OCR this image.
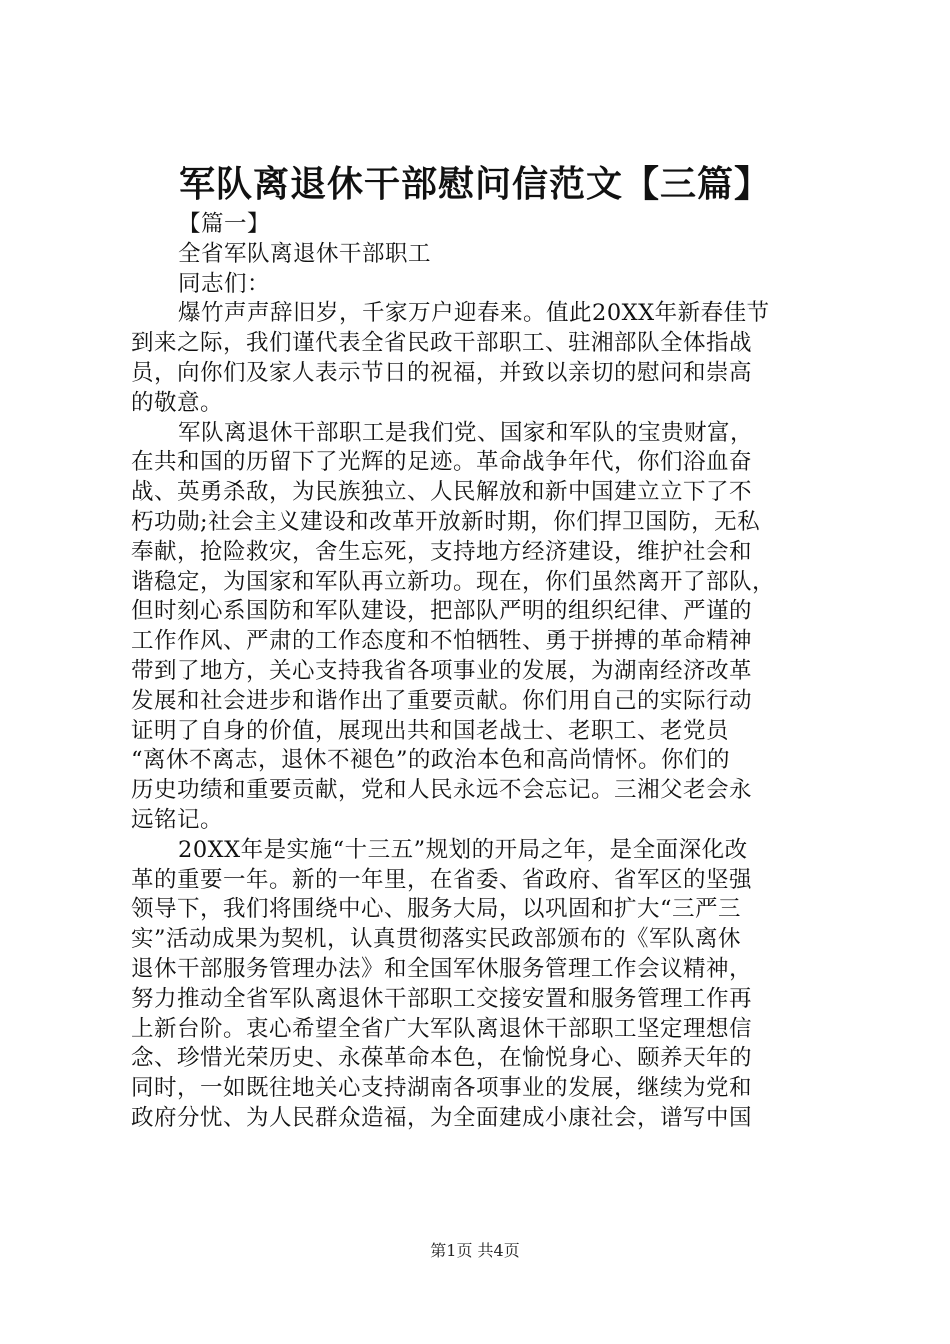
军队离退休干部慰问信范文【三篇】
【篇一】
全省军队离退休干部职工
同志们：
爆竹声声辞旧岁，千家万户迎春来。值此20XX年新春佳节
到来之际，我们谨代表全省民政干部职工、驻湘部队全体指战
员，向你们及家人表示节日的祝福，并致以亲切的慰问和崇高
的敬意。
军队离退休干部职工是我们党、国家和军队的宝贵财富，
在共和国的历留下了光辉的足迹。革命战争年代，你们浴血奋
战、英勇杀敌，为民族独立、人民解放和新中国建立立下了不
朽功勋;社会主义建设和改革开放新时期，你们捍卫国防，无私
奉献，抢险救灾，舍生忘死，支持地方经济建设，维护社会和
谐稳定，为国家和军队再立新功。现在，你们虽然离开了部队，
但时刻心系国防和军队建设，把部队严明的组织纪律、严谨的
工作作风、严肃的工作态度和不怕牺牲、勇于拼搏的革命精神
带到了地方，关心支持我省各项事业的发展，为湖南经济改革
发展和社会进步和谐作出了重要贡献。你们用自己的实际行动
证明了自身的价值，展现出共和国老战士、老职工、老党员
“离休不离志，退休不褪色”的政治本色和高尚情怀。你们的
历史功绩和重要贡献，党和人民永远不会忘记。三湘父老会永
远铭记。
20XX年是实施“十三五”规划的开局之年，是全面深化改
革的重要一年。新的一年里，在省委、省政府、省军区的坚强
领导下，我们将围绕中心、服务大局，以巩固和扩大“三严三
实”活动成果为契机，认真贯彻落实民政部颁布的《军队离休
退休干部服务管理办法》和全国军休服务管理工作会议精神，
努力推动全省军队离退休干部职工交接安置和服务管理工作再
上新台阶。衷心希望全省广大军队离退休干部职工坚定理想信
念、珍惜光荣历史、永葆革命本色，在愉悦身心、颐养天年的
同时，一如既往地关心支持湖南各项事业的发展，继续为党和
政府分忧、为人民群众造福，为全面建成小康社会，谱写中国
第1页 共4页
